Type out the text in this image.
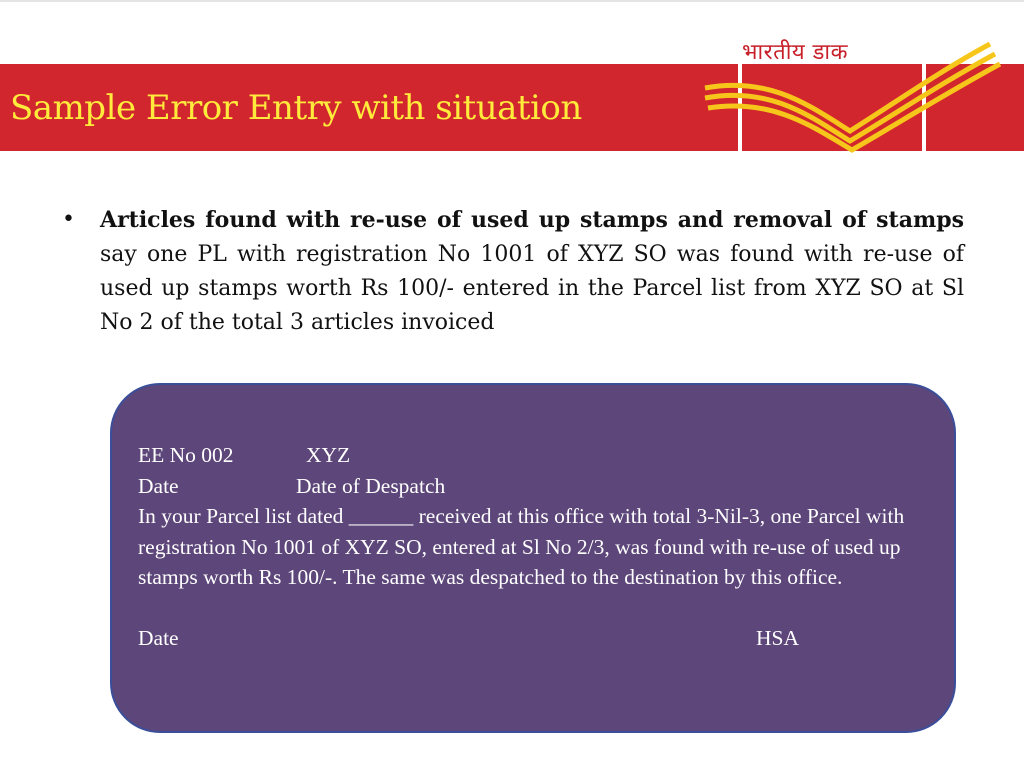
Sample Error Entry with situation
भारतीय डाक
• Articles found with re-use of used up stamps and removal of stamps say one PL with registration No 1001 of XYZ SO was found with re-use of used up stamps worth Rs 100/- entered in the Parcel list from XYZ SO at Sl No 2 of the total 3 articles invoiced
EE No 002	XYZ
Date	Date of Despatch
In your Parcel list dated ______ received at this office with total 3-Nil-3, one Parcel with registration No 1001 of XYZ SO, entered at Sl No 2/3, was found with re-use of used up stamps worth Rs 100/-. The same was despatched to the destination by this office.
Date	HSA
